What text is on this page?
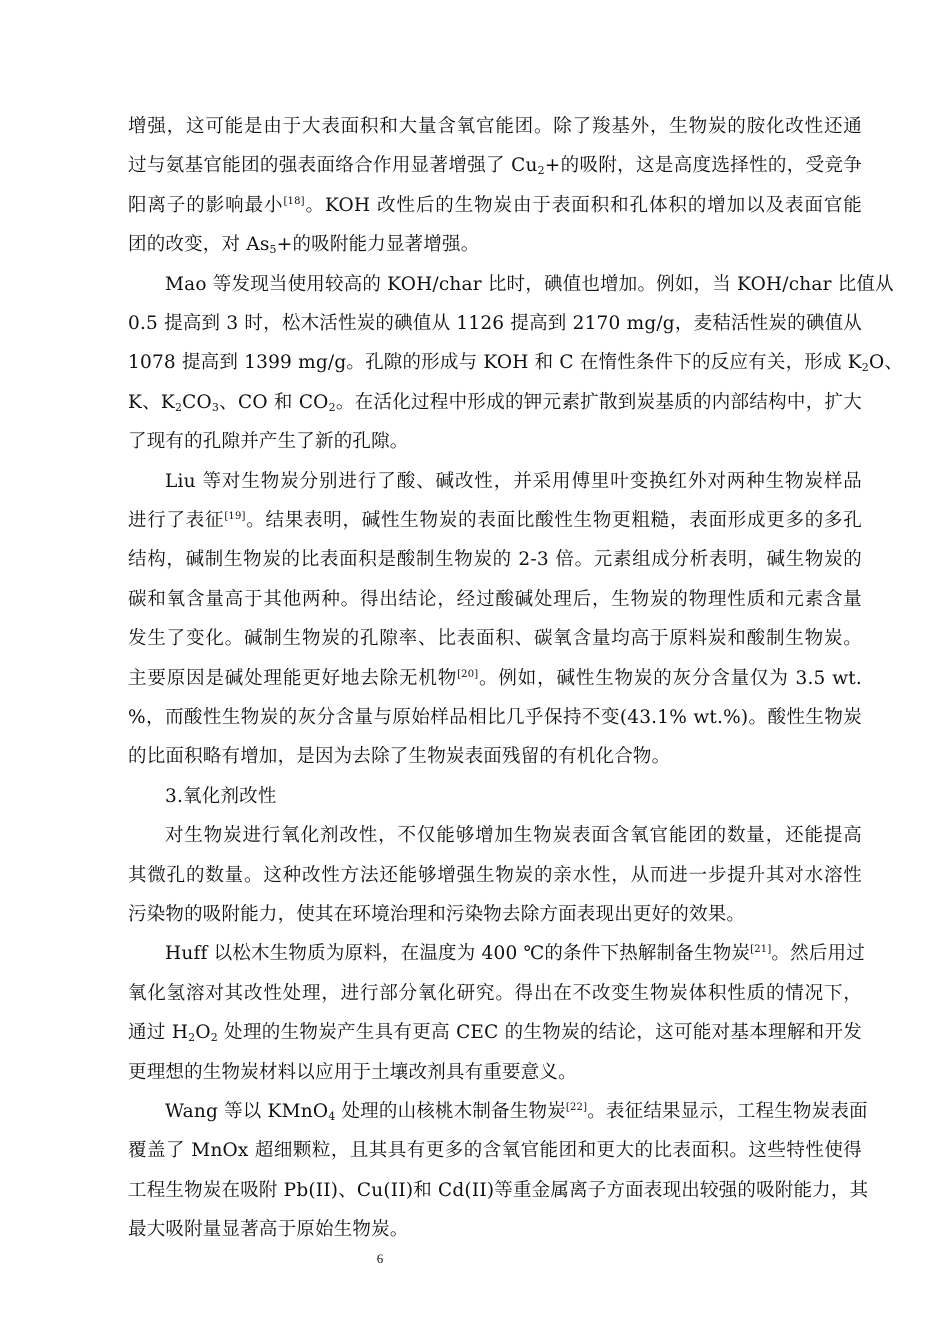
增强，这可能是由于大表面积和大量含氧官能团。除了羧基外，生物炭的胺化改性还通
过与氨基官能团的强表面络合作用显著增强了 $Cu_2+$的吸附，这是高度选择性的，受竞争
阳离子的影响最小[18]。KOH 改性后的生物炭由于表面积和孔体积的增加以及表面官能
团的改变，对 $As_5+$的吸附能力显著增强。
Mao 等发现当使用较高的 KOH/char 比时，碘值也增加。例如，当 KOH/char 比值从
0.5 提高到 3 时，松木活性炭的碘值从 1126 提高到 2170 mg/g，麦秸活性炭的碘值从
1078 提高到 1399 mg/g。孔隙的形成与 KOH 和 C 在惰性条件下的反应有关，形成 $K_2O$、
K、$K_2CO_3$、CO 和 $CO_2$。在活化过程中形成的钾元素扩散到炭基质的内部结构中，扩大
了现有的孔隙并产生了新的孔隙。
Liu 等对生物炭分别进行了酸、碱改性，并采用傅里叶变换红外对两种生物炭样品
进行了表征[19]。结果表明，碱性生物炭的表面比酸性生物更粗糙，表面形成更多的多孔
结构，碱制生物炭的比表面积是酸制生物炭的 2-3 倍。元素组成分析表明，碱生物炭的
碳和氧含量高于其他两种。得出结论，经过酸碱处理后，生物炭的物理性质和元素含量
发生了变化。碱制生物炭的孔隙率、比表面积、碳氧含量均高于原料炭和酸制生物炭。
主要原因是碱处理能更好地去除无机物[20]。例如，碱性生物炭的灰分含量仅为 3.5 wt.
%，而酸性生物炭的灰分含量与原始样品相比几乎保持不变(43.1% wt.%)。酸性生物炭
的比面积略有增加，是因为去除了生物炭表面残留的有机化合物。
3.氧化剂改性
对生物炭进行氧化剂改性，不仅能够增加生物炭表面含氧官能团的数量，还能提高
其微孔的数量。这种改性方法还能够增强生物炭的亲水性，从而进一步提升其对水溶性
污染物的吸附能力，使其在环境治理和污染物去除方面表现出更好的效果。
Huff 以松木生物质为原料，在温度为 400 ℃的条件下热解制备生物炭[21]。然后用过
氧化氢溶对其改性处理，进行部分氧化研究。得出在不改变生物炭体积性质的情况下，
通过 $H_2O_2$ 处理的生物炭产生具有更高 CEC 的生物炭的结论，这可能对基本理解和开发
更理想的生物炭材料以应用于土壤改剂具有重要意义。
Wang 等以 KMnO$_4$ 处理的山核桃木制备生物炭[22]。表征结果显示，工程生物炭表面
覆盖了 MnOx 超细颗粒，且其具有更多的含氧官能团和更大的比表面积。这些特性使得
工程生物炭在吸附 Pb(II)、Cu(II)和 Cd(II)等重金属离子方面表现出较强的吸附能力，其
最大吸附量显著高于原始生物炭。
6
